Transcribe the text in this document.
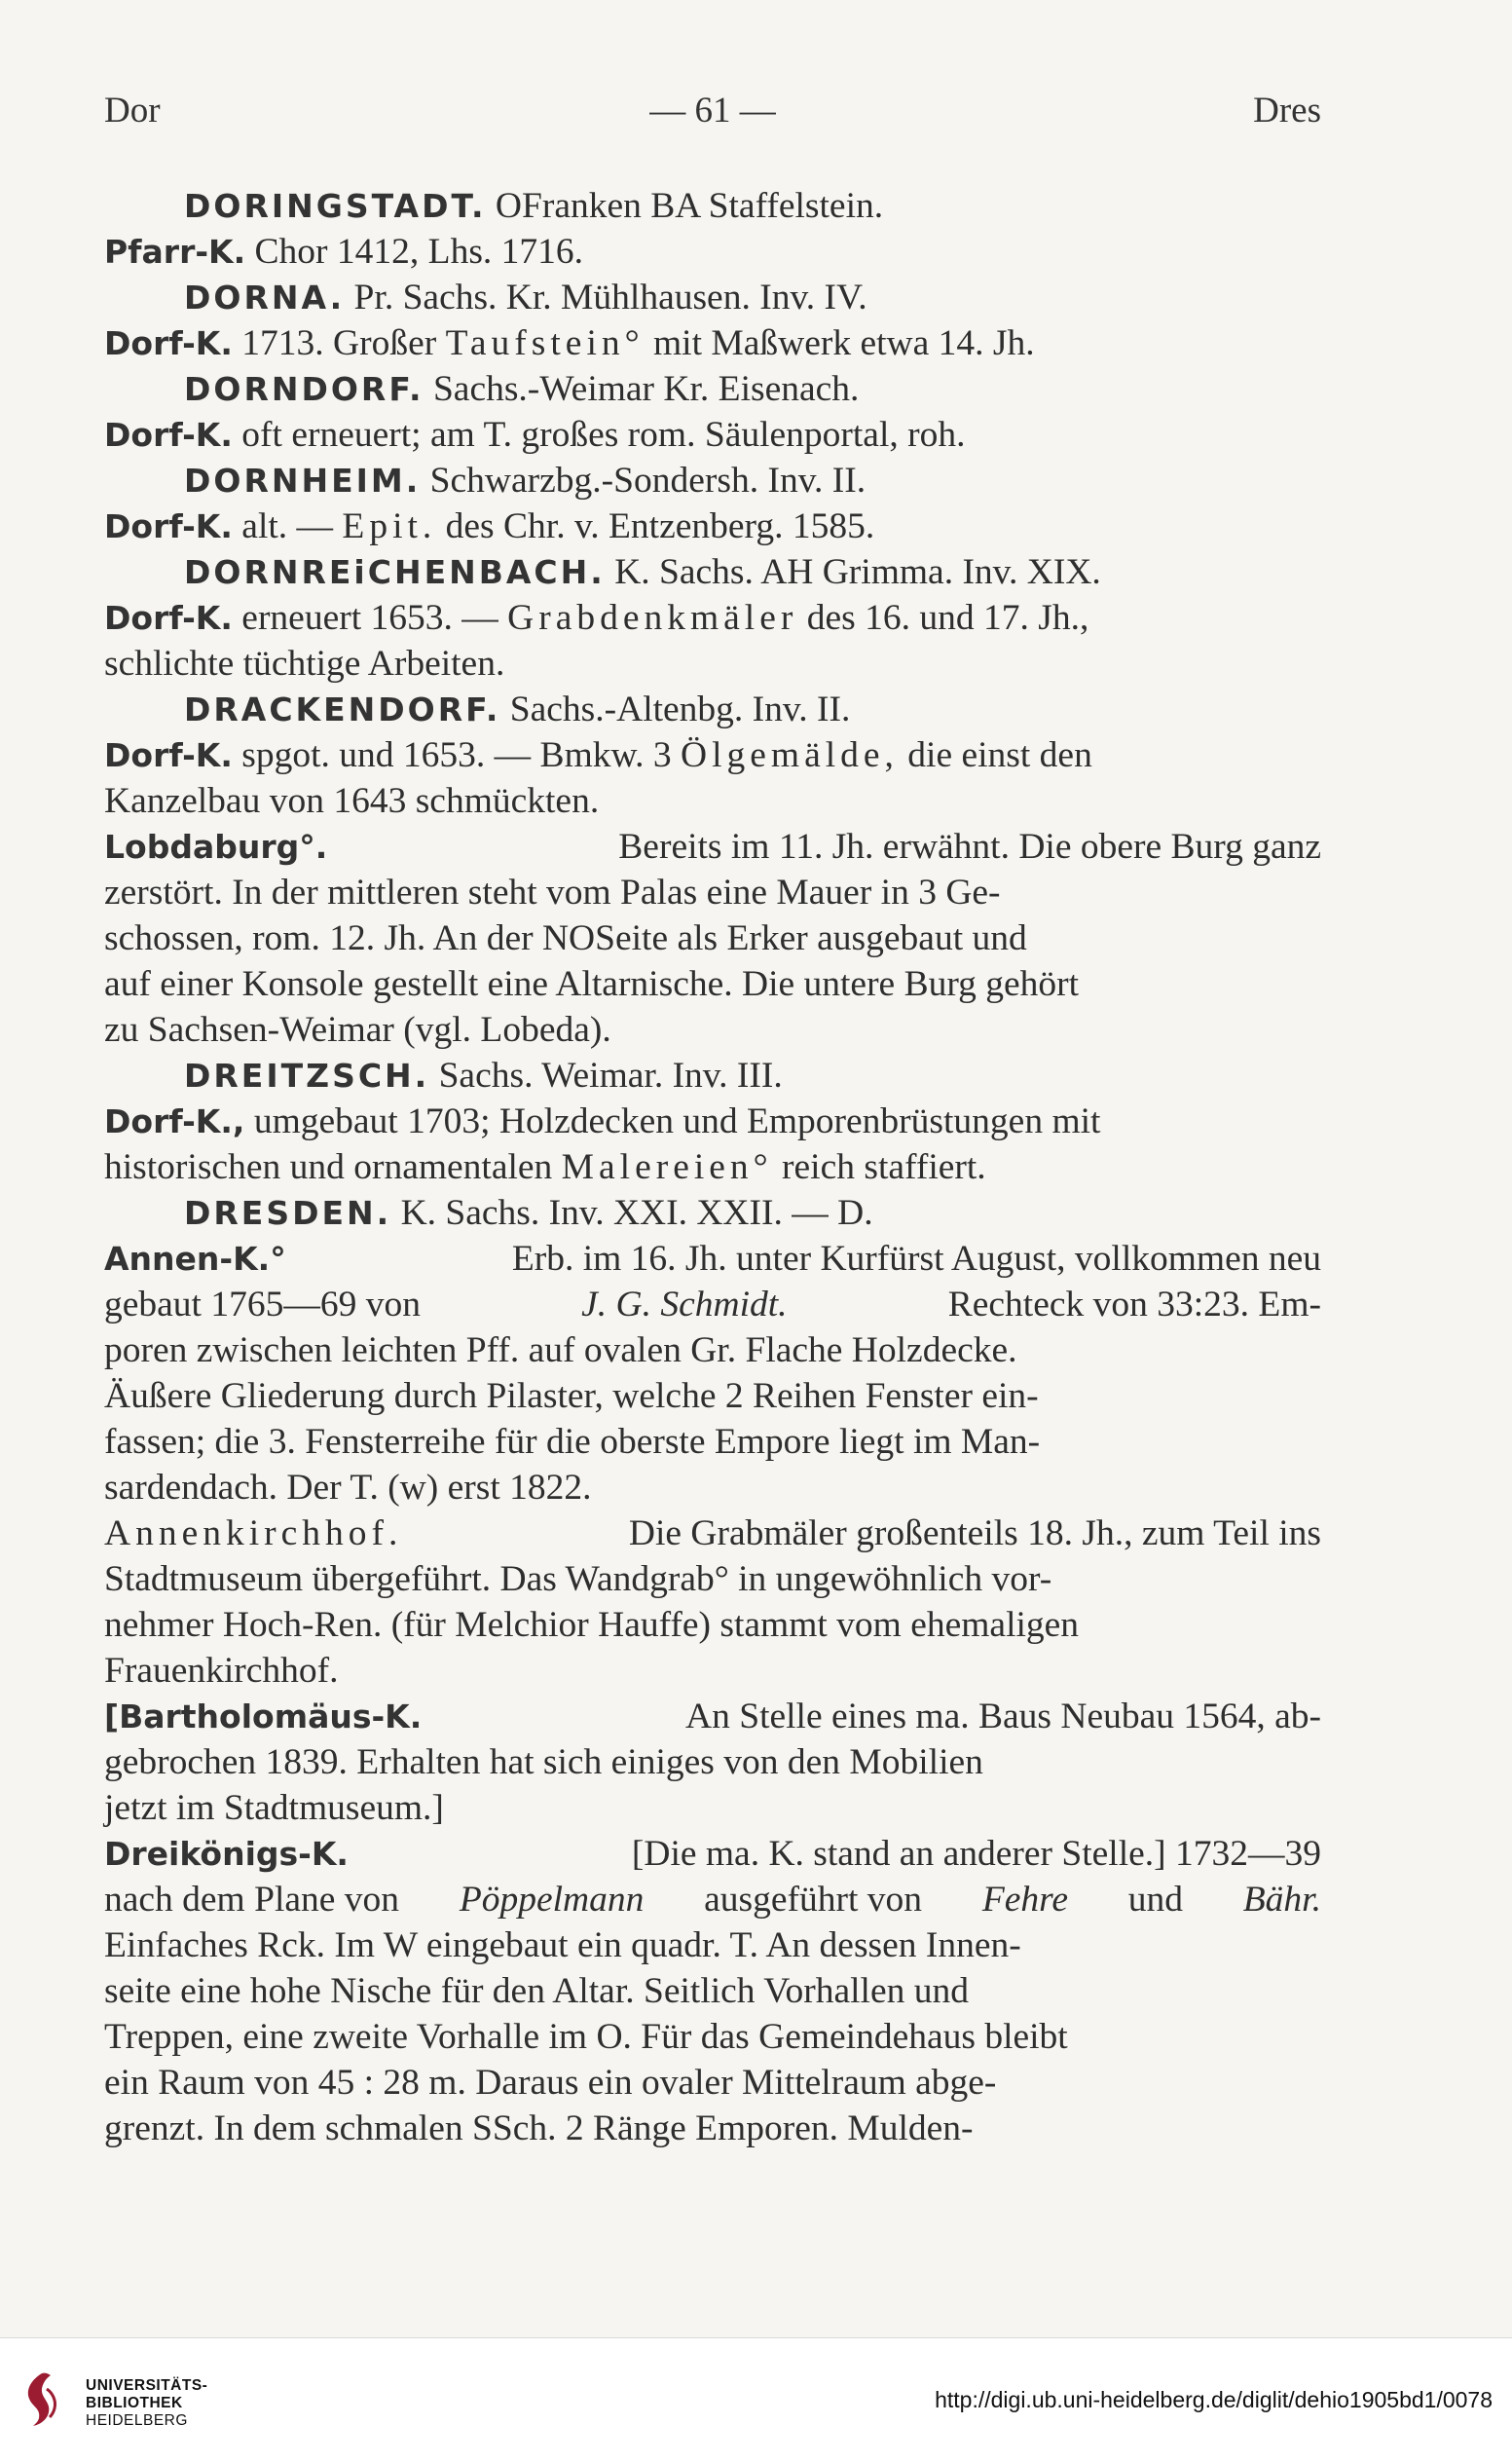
Dor	— 61 —	Dres
DORINGSTADT. OFranken BA Staffelstein.
Pfarr-K. Chor 1412, Lhs. 1716.
DORNA. Pr. Sachs. Kr. Mühlhausen. Inv. IV.
Dorf-K. 1713. Großer Taufstein° mit Maßwerk etwa 14. Jh.
DORNDORF. Sachs.-Weimar Kr. Eisenach.
Dorf-K. oft erneuert; am T. großes rom. Säulenportal, roh.
DORNHEIM. Schwarzbg.-Sondersh. Inv. II.
Dorf-K. alt. — Epit. des Chr. v. Entzenberg. 1585.
DORNREiCHENBACH. K. Sachs. AH Grimma. Inv. XIX.
Dorf-K. erneuert 1653. — Grabdenkmäler des 16. und 17. Jh.,
schlichte tüchtige Arbeiten.
DRACKENDORF. Sachs.-Altenbg. Inv. II.
Dorf-K. spgot. und 1653. — Bmkw. 3 Ölgemälde, die einst den
Kanzelbau von 1643 schmückten.
Lobdaburg°.	Bereits im 11. Jh. erwähnt. Die obere Burg ganz
zerstört. In der mittleren steht vom Palas eine Mauer in 3 Ge-
schossen, rom. 12. Jh. An der NOSeite als Erker ausgebaut und
auf einer Konsole gestellt eine Altarnische. Die untere Burg gehört
zu Sachsen-Weimar (vgl. Lobeda).
DREITZSCH. Sachs. Weimar. Inv. III.
Dorf-K., umgebaut 1703; Holzdecken und Emporenbrüstungen mit
historischen und ornamentalen Malereien° reich staffiert.
DRESDEN. K. Sachs. Inv. XXI. XXII. — D.
Annen-K.°	Erb. im 16. Jh. unter Kurfürst August, vollkommen neu
gebaut 1765—69 von	J. G. Schmidt.	Rechteck von 33:23. Em-
poren zwischen leichten Pff. auf ovalen Gr. Flache Holzdecke.
Äußere Gliederung durch Pilaster, welche 2 Reihen Fenster ein-
fassen; die 3. Fensterreihe für die oberste Empore liegt im Man-
sardendach. Der T. (w) erst 1822.
Annenkirchhof.	Die Grabmäler großenteils 18. Jh., zum Teil ins
Stadtmuseum übergeführt. Das Wandgrab° in ungewöhnlich vor-
nehmer Hoch-Ren. (für Melchior Hauffe) stammt vom ehemaligen
Frauenkirchhof.
[Bartholomäus-K.	An Stelle eines ma. Baus Neubau 1564, ab-
gebrochen 1839. Erhalten hat sich einiges von den Mobilien
jetzt im Stadtmuseum.]
Dreikönigs-K.	[Die ma. K. stand an anderer Stelle.] 1732—39
nach dem Plane von Pöppelmann ausgeführt von Fehre und Bähr.
Einfaches Rck. Im W eingebaut ein quadr. T. An dessen Innen-
seite eine hohe Nische für den Altar. Seitlich Vorhallen und
Treppen, eine zweite Vorhalle im O. Für das Gemeindehaus bleibt
ein Raum von 45 : 28 m. Daraus ein ovaler Mittelraum abge-
grenzt. In dem schmalen SSch. 2 Ränge Emporen. Mulden-
UNIVERSITÄTS-
BIBLIOTHEK
HEIDELBERG
http://digi.ub.uni-heidelberg.de/diglit/dehio1905bd1/0078
